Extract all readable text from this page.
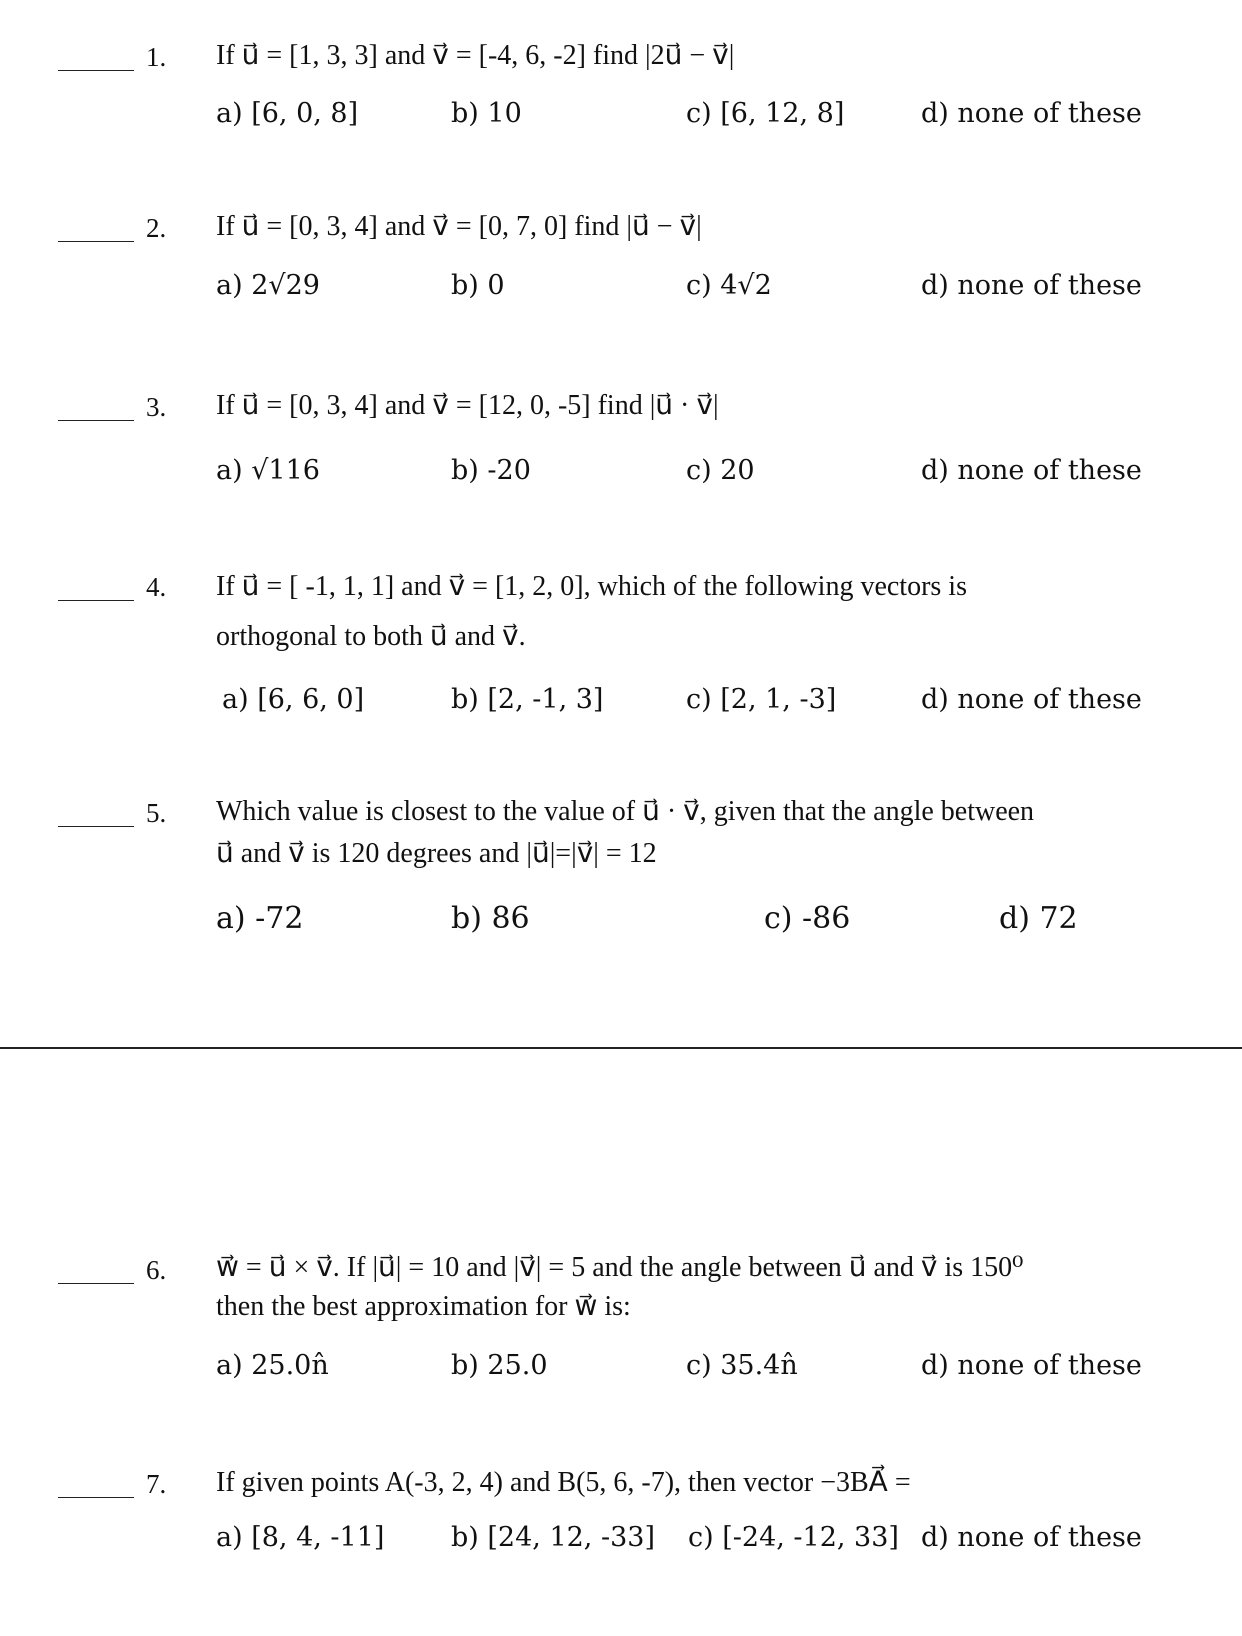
1. If u⃗ = [1, 3, 3] and v⃗ = [-4, 6, -2] find |2u⃗ − v⃗|
a) [6, 0, 8]	b) 10	c) [6, 12, 8]	d) none of these
2. If u⃗ = [0, 3, 4] and v⃗ = [0, 7, 0] find |u⃗ − v⃗|
a) 2√29	b) 0	c) 4√2	d) none of these
3. If u⃗ = [0, 3, 4] and v⃗ = [12, 0, -5] find |u⃗ · v⃗|
a) √116	b) -20	c) 20	d) none of these
4. If u⃗ = [ -1, 1, 1] and v⃗ = [1, 2, 0], which of the following vectors is
orthogonal to both u⃗ and v⃗.
a) [6, 6, 0]	b) [2, -1, 3]	c) [2, 1, -3]	d) none of these
5. Which value is closest to the value of u⃗ · v⃗, given that the angle between
u⃗ and v⃗ is 120 degrees and |u⃗|=|v⃗| = 12
a) -72	b) 86	c) -86	d) 72
6. w⃗ = u⃗ × v⃗. If |u⃗| = 10 and |v⃗| = 5 and the angle between u⃗ and v⃗ is 150⁰
then the best approximation for w⃗ is:
a) 25.0n̂	b) 25.0	c) 35.4n̂	d) none of these
7. If given points A(-3, 2, 4) and B(5, 6, -7), then vector −3BA⃗ =
a) [8, 4, -11] b) [24, 12, -33] c) [-24, -12, 33] d) none of these
